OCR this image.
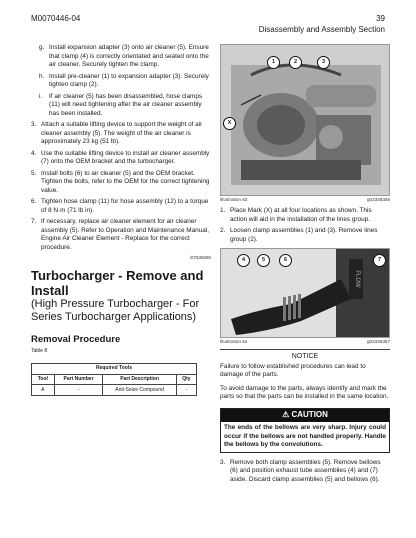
M0070446-04	39
Disassembly and Assembly Section
g. Install expansion adapter (3) onto air cleaner (5). Ensure that clamp (4) is correctly orientated and seated onto the air cleaner. Securely tighten the clamp.
h. Install pre-cleaner (1) to expansion adapter (3). Securely tighten clamp (2).
i.	If air cleaner (5) has been disassembled, hose clamps (11) will need tightening after the air cleaner assembly has been installed.
3. Attach a suitable lifting device to support the weight of air cleaner assembly (5). The weight of the air cleaner is approximately 23 kg (51 lb).
4. Use the suitable lifting device to install air cleaner assembly (7) onto the OEM bracket and the turbocharger.
5. Install bolts (6) to air cleaner (5) and the OEM bracket. Tighten the bolts, refer to the OEM for the correct tightening value.
6. Tighten hose clamp (11) for hose assembly (12) to a torque of 8 N·m (71 lb in).
7. If necessary, replace air cleaner element for air cleaner assembly (5). Refer to Operation and Maintenance Manual, Engine Air Cleaner Element - Replace for the correct procedure.
i07636685
Turbocharger - Remove and Install
(High Pressure Turbocharger - For Series Turbocharger Applications)
Removal Procedure
Table 8
Required Tools			
Tool	Part Number	Part Description	Qty
A	-	Anti-Seize Compound	-
1	2	3
X
Illustration 63	g02346356
1. Place Mark (X) at all four locations as shown. This action will aid in the installation of the lines group.
2. Loosen clamp assemblies (1) and (3). Remove lines group (2).
FLOW
4	5	6	7
Illustration 64	g02346357
NOTICE
Failure to follow established procedures can lead to damage of the parts.
To avoid damage to the parts, always identify and mark the parts so that the parts can be installed in the same location.
⚠ CAUTION
The ends of the bellows are very sharp. Injury could occur if the bellows are not handled properly. Handle the bellows by the convolutions.
3. Remove both clamp assemblies (5). Remove bellows (6) and position exhaust tube assemblies (4) and (7) aside. Discard clamp assemblies (5) and bellows (6).
